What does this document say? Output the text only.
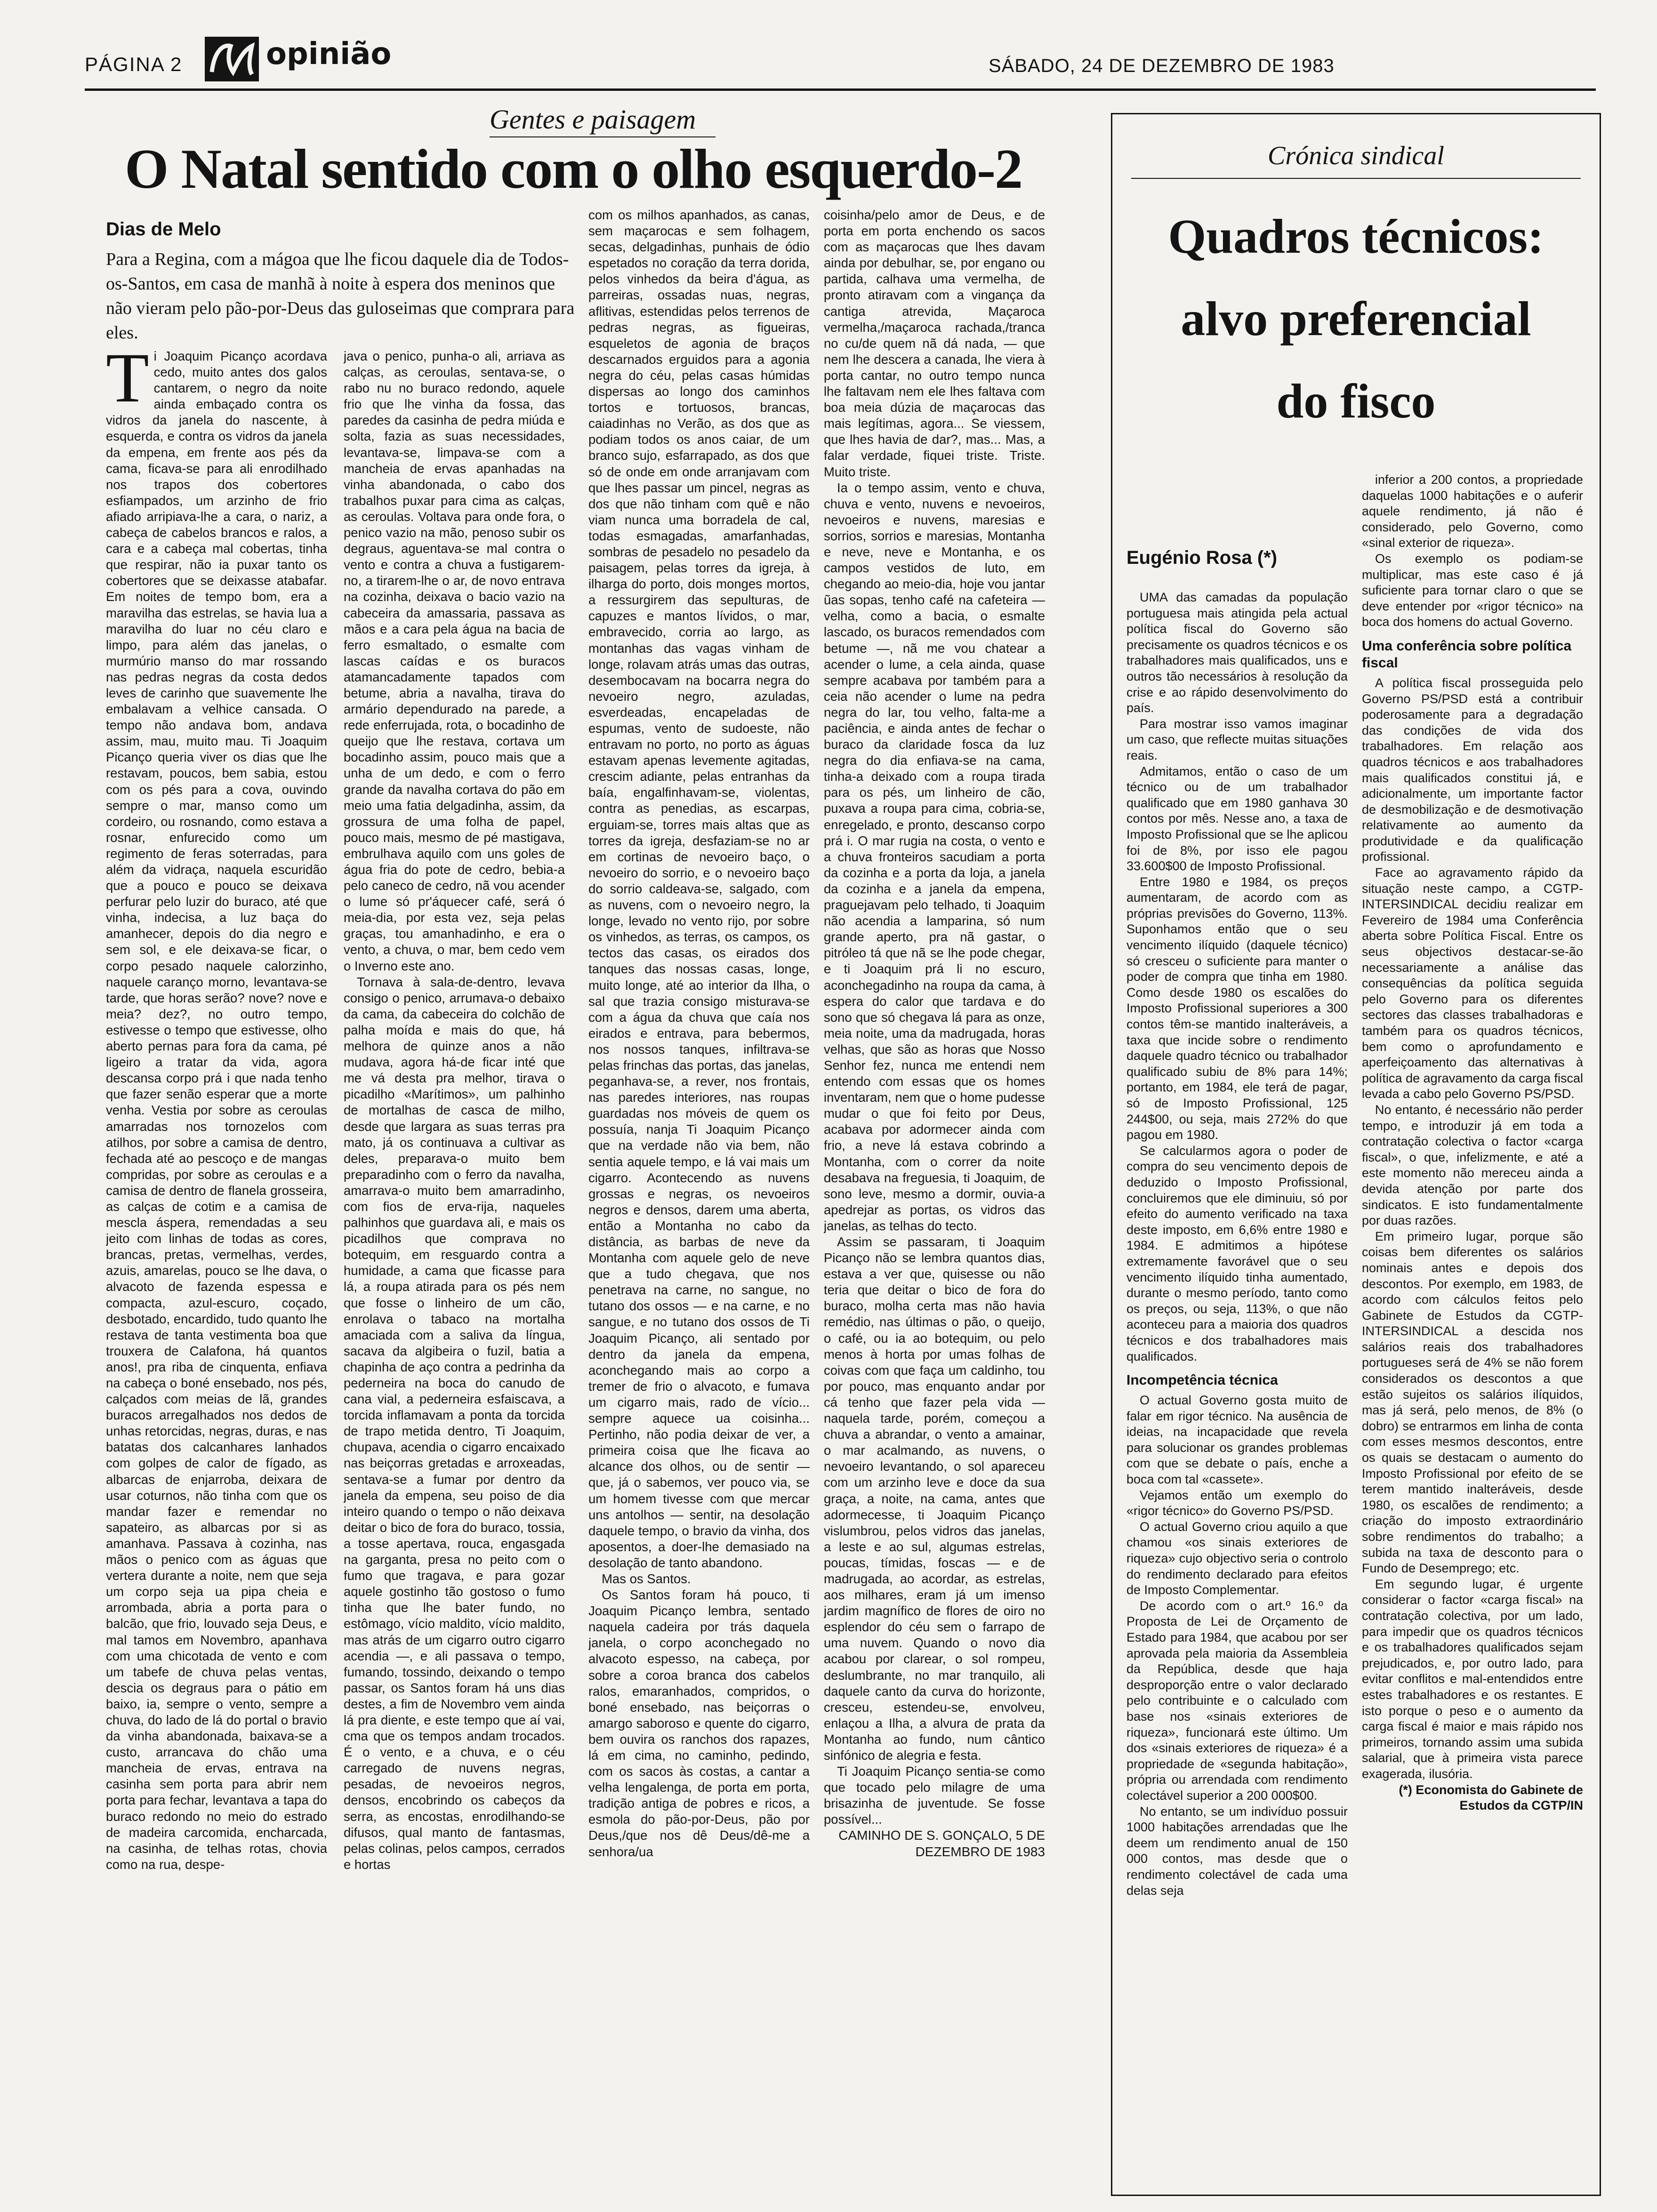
PÁGINA 2	opinião	SÁBADO, 24 DE DEZEMBRO DE 1983
Gentes e paisagem
O Natal sentido com o olho esquerdo-2
Dias de Melo
Para a Regina, com a mágoa que lhe ficou daquele dia de Todos-os-Santos, em casa de manhã à noite à espera dos meninos que não vieram pelo pão-por-Deus das guloseimas que comprara para eles.

Ti Joaquim Picanço acordava cedo, muito antes dos galos cantarem, o negro da noite ainda embaçado contra os vidros da janela do nascente, à esquerda, e contra os vidros da janela da empena, em frente aos pés da cama, ficava-se para ali enrodilhado nos trapos dos cobertores esfiampados, um arzinho de frio afiado arripiava-lhe a cara, o nariz, a cabeça de cabelos brancos e ralos, a cara e a cabeça mal cobertas, tinha que respirar, não ia puxar tanto os cobertores que se deixasse atabafar. Em noites de tempo bom, era a maravilha das estrelas, se havia lua a maravilha do luar no céu claro e limpo, para além das janelas, o murmúrio manso do mar rossando nas pedras negras da costa dedos leves de carinho que suavemente lhe embalavam a velhice cansada. O tempo não andava bom, andava assim, mau, muito mau. Ti Joaquim Picanço queria viver os dias que lhe restavam, poucos, bem sabia, estou com os pés para a cova, ouvindo sempre o mar, manso como um cordeiro, ou rosnando, como estava a rosnar, enfurecido como um regimento de feras soterradas, para além da vidraça, naquela escuridão que a pouco e pouco se deixava perfurar pelo luzir do buraco, até que vinha, indecisa, a luz baça do amanhecer, depois do dia negro e sem sol, e ele deixava-se ficar, o corpo pesado naquele calorzinho, naquele caranço morno, levantava-se tarde, que horas serão? nove? nove e meia? dez?, no outro tempo, estivesse o tempo que estivesse, olho aberto pernas para fora da cama, pé ligeiro a tratar da vida, agora descansa corpo prá i que nada tenho que fazer senão esperar que a morte venha. Vestia por sobre as ceroulas amarradas nos tornozelos com atilhos, por sobre a camisa de dentro, fechada até ao pescoço e de mangas compridas, por sobre as ceroulas e a camisa de dentro de flanela grosseira, as calças de cotim e a camisa de mescla áspera, remendadas a seu jeito com linhas de todas as cores, brancas, pretas, vermelhas, verdes, azuis, amarelas, pouco se lhe dava, o alvacoto de fazenda espessa e compacta, azul-escuro, coçado, desbotado, encardido, tudo quanto lhe restava de tanta vestimenta boa que trouxera de Calafona, há quantos anos!, pra riba de cinquenta, enfiava na cabeça o boné ensebado, nos pés, calçados com meias de lã, grandes buracos arregalhados nos dedos de unhas retorcidas, negras, duras, e nas batatas dos calcanhares lanhados com golpes de calor de fígado, as albarcas de enjarroba, deixara de usar coturnos, não tinha com que os mandar fazer e remendar no sapateiro, as albarcas por si as amanhava. Passava à cozinha, nas mãos o penico com as águas que vertera durante a noite, nem que seja um corpo seja ua pipa cheia e arrombada, abria a porta para o balcão, que frio, louvado seja Deus, e mal tamos em Novembro, apanhava com uma chicotada de vento e com um tabefe de chuva pelas ventas, descia os degraus para o pátio em baixo, ia, sempre o vento, sempre a chuva, do lado de lá do portal o bravio da vinha abandonada, baixava-se a custo, arrancava do chão uma mancheia de ervas, entrava na casinha sem porta para abrir nem porta para fechar, levantava a tapa do buraco redondo no meio do estrado de madeira carcomida, encharcada, na casinha, de telhas rotas, chovia como na rua, despe-

java o penico, punha-o ali, arriava as calças, as ceroulas, sentava-se, o rabo nu no buraco redondo, aquele frio que lhe vinha da fossa, das paredes da casinha de pedra miúda e solta, fazia as suas necessidades, levantava-se, limpava-se com a mancheia de ervas apanhadas na vinha abandonada, o cabo dos trabalhos puxar para cima as calças, as ceroulas. Voltava para onde fora, o penico vazio na mão, penoso subir os degraus, aguentava-se mal contra o vento e contra a chuva a fustigarem-no, a tirarem-lhe o ar, de novo entrava na cozinha, deixava o bacio vazio na cabeceira da amassaria, passava as mãos e a cara pela água na bacia de ferro esmaltado, o esmalte com lascas caídas e os buracos atamancadamente tapados com betume, abria a navalha, tirava do armário dependurado na parede, a rede enferrujada, rota, o bocadinho de queijo que lhe restava, cortava um bocadinho assim, pouco mais que a unha de um dedo, e com o ferro grande da navalha cortava do pão em meio uma fatia delgadinha, assim, da grossura de uma folha de papel, pouco mais, mesmo de pé mastigava, embrulhava aquilo com uns goles de água fria do pote de cedro, bebia-a pelo caneco de cedro, nã vou acender o lume só pr'áquecer café, será ó meia-dia, por esta vez, seja pelas graças, tou amanhadinho, e era o vento, a chuva, o mar, bem cedo vem o Inverno este ano.

Tornava à sala-de-dentro, levava consigo o penico, arrumava-o debaixo da cama, da cabeceira do colchão de palha moída e mais do que, há melhora de quinze anos a não mudava, agora há-de ficar inté que me vá desta pra melhor, tirava o picadilho «Marítimos», um palhinho de mortalhas de casca de milho, desde que largara as suas terras pra mato, já os continuava a cultivar as deles, preparava-o muito bem preparadinho com o ferro da navalha, amarrava-o muito bem amarradinho, com fios de erva-rija, naqueles palhinhos que guardava ali, e mais os picadilhos que comprava no botequim, em resguardo contra a humidade, a cama que ficasse para lá, a roupa atirada para os pés nem que fosse o linheiro de um cão, enrolava o tabaco na mortalha amaciada com a saliva da língua, sacava da algibeira o fuzil, batia a chapinha de aço contra a pedrinha da pederneira na boca do canudo de cana vial, a pederneira esfaiscava, a torcida inflamavam a ponta da torcida de trapo metida dentro, Ti Joaquim, chupava, acendia o cigarro encaixado nas beiçorras gretadas e arroxeadas, sentava-se a fumar por dentro da janela da empena, seu poiso de dia inteiro quando o tempo o não deixava deitar o bico de fora do buraco, tossia, a tosse apertava, rouca, engasgada na garganta, presa no peito com o fumo que tragava, e para gozar aquele gostinho tão gostoso o fumo tinha que lhe bater fundo, no estômago, vício maldito, vício maldito, mas atrás de um cigarro outro cigarro acendia —, e ali passava o tempo, fumando, tossindo, deixando o tempo passar, os Santos foram há uns dias destes, a fim de Novembro vem ainda lá pra diente, e este tempo que aí vai, cma que os tempos andam trocados. É o vento, e a chuva, e o céu carregado de nuvens negras, pesadas, de nevoeiros negros, densos, encobrindo os cabeços da serra, as encostas, enrodilhando-se difusos, qual manto de fantasmas, pelas colinas, pelos campos, cerrados e hortas

com os milhos apanhados, as canas, sem maçarocas e sem folhagem, secas, delgadinhas, punhais de ódio espetados no coração da terra dorida, pelos vinhedos da beira d'água, as parreiras, ossadas nuas, negras, aflitivas, estendidas pelos terrenos de pedras negras, as figueiras, esqueletos de agonia de braços descarnados erguidos para a agonia negra do céu, pelas casas húmidas dispersas ao longo dos caminhos tortos e tortuosos, brancas, caiadinhas no Verão, as dos que as podiam todos os anos caiar, de um branco sujo, esfarrapado, as dos que só de onde em onde arranjavam com que lhes passar um pincel, negras as dos que não tinham com quê e não viam nunca uma borradela de cal, todas esmagadas, amarfanhadas, sombras de pesadelo no pesadelo da paisagem, pelas torres da igreja, à ilharga do porto, dois monges mortos, a ressurgirem das sepulturas, de capuzes e mantos lívidos, o mar, embravecido, corria ao largo, as montanhas das vagas vinham de longe, rolavam atrás umas das outras, desembocavam na bocarra negra do nevoeiro negro, azuladas, esverdeadas, encapeladas de espumas, vento de sudoeste, não entravam no porto, no porto as águas estavam apenas levemente agitadas, crescim adiante, pelas entranhas da baía, engalfinhavam-se, violentas, contra as penedias, as escarpas, erguiam-se, torres mais altas que as torres da igreja, desfaziam-se no ar em cortinas de nevoeiro baço, o nevoeiro do sorrio, e o nevoeiro baço do sorrio caldeava-se, salgado, com as nuvens, com o nevoeiro negro, la longe, levado no vento rijo, por sobre os vinhedos, as terras, os campos, os tectos das casas, os eirados dos tanques das nossas casas, longe, muito longe, até ao interior da Ilha, o sal que trazia consigo misturava-se com a água da chuva que caía nos eirados e entrava, para bebermos, nos nossos tanques, infiltrava-se pelas frinchas das portas, das janelas, peganhava-se, a rever, nos frontais, nas paredes interiores, nas roupas guardadas nos móveis de quem os possuía, nanja Ti Joaquim Picanço que na verdade não via bem, não sentia aquele tempo, e lá vai mais um cigarro. Acontecendo as nuvens grossas e negras, os nevoeiros negros e densos, darem uma aberta, então a Montanha no cabo da distância, as barbas de neve da Montanha com aquele gelo de neve que a tudo chegava, que nos penetrava na carne, no sangue, no tutano dos ossos — e na carne, e no sangue, e no tutano dos ossos de Ti Joaquim Picanço, ali sentado por dentro da janela da empena, aconchegando mais ao corpo a tremer de frio o alvacoto, e fumava um cigarro mais, rado de vício... sempre aquece ua coisinha... Pertinho, não podia deixar de ver, a primeira coisa que lhe ficava ao alcance dos olhos, ou de sentir — que, já o sabemos, ver pouco via, se um homem tivesse com que mercar uns antolhos — sentir, na desolação daquele tempo, o bravio da vinha, dos aposentos, a doer-lhe demasiado na desolação de tanto abandono.

Mas os Santos.

Os Santos foram há pouco, ti Joaquim Picanço lembra, sentado naquela cadeira por trás daquela janela, o corpo aconchegado no alvacoto espesso, na cabeça, por sobre a coroa branca dos cabelos ralos, emaranhados, compridos, o boné ensebado, nas beiçorras o amargo saboroso e quente do cigarro, bem ouvira os ranchos dos rapazes, lá em cima, no caminho, pedindo, com os sacos às costas, a cantar a velha lengalenga, de porta em porta, tradição antiga de pobres e ricos, a esmola do pão-por-Deus, pão por Deus,/que nos dê Deus/dê-me a senhora/ua

coisinha/pelo amor de Deus, e de porta em porta enchendo os sacos com as maçarocas que lhes davam ainda por debulhar, se, por engano ou partida, calhava uma vermelha, de pronto atiravam com a vingança da cantiga atrevida, Maçaroca vermelha,/maçaroca rachada,/tranca no cu/de quem nã dá nada, — que nem lhe descera a canada, lhe viera à porta cantar, no outro tempo nunca lhe faltavam nem ele lhes faltava com boa meia dúzia de maçarocas das mais legítimas, agora... Se viessem, que lhes havia de dar?, mas... Mas, a falar verdade, fiquei triste. Triste. Muito triste.

Ia o tempo assim, vento e chuva, chuva e vento, nuvens e nevoeiros, nevoeiros e nuvens, maresias e sorrios, sorrios e maresias, Montanha e neve, neve e Montanha, e os campos vestidos de luto, em chegando ao meio-dia, hoje vou jantar ũas sopas, tenho café na cafeteira — velha, como a bacia, o esmalte lascado, os buracos remendados com betume —, nã me vou chatear a acender o lume, a cela ainda, quase sempre acabava por também para a ceia não acender o lume na pedra negra do lar, tou velho, falta-me a paciência, e ainda antes de fechar o buraco da claridade fosca da luz negra do dia enfiava-se na cama, tinha-a deixado com a roupa tirada para os pés, um linheiro de cão, puxava a roupa para cima, cobria-se, enregelado, e pronto, descanso corpo prá i. O mar rugia na costa, o vento e a chuva fronteiros sacudiam a porta da cozinha e a porta da loja, a janela da cozinha e a janela da empena, praguejavam pelo telhado, ti Joaquim não acendia a lamparina, só num grande aperto, pra nã gastar, o pitróleo tá que nã se lhe pode chegar, e ti Joaquim prá li no escuro, aconchegadinho na roupa da cama, à espera do calor que tardava e do sono que só chegava lá para as onze, meia noite, uma da madrugada, horas velhas, que são as horas que Nosso Senhor fez, nunca me entendi nem entendo com essas que os homes inventaram, nem que o home pudesse mudar o que foi feito por Deus, acabava por adormecer ainda com frio, a neve lá estava cobrindo a Montanha, com o correr da noite desabava na freguesia, ti Joaquim, de sono leve, mesmo a dormir, ouvia-a apedrejar as portas, os vidros das janelas, as telhas do tecto.

Assim se passaram, ti Joaquim Picanço não se lembra quantos dias, estava a ver que, quisesse ou não teria que deitar o bico de fora do buraco, molha certa mas não havia remédio, nas últimas o pão, o queijo, o café, ou ia ao botequim, ou pelo menos à horta por umas folhas de coivas com que faça um caldinho, tou por pouco, mas enquanto andar por cá tenho que fazer pela vida — naquela tarde, porém, começou a chuva a abrandar, o vento a amainar, o mar acalmando, as nuvens, o nevoeiro levantando, o sol apareceu com um arzinho leve e doce da sua graça, a noite, na cama, antes que adormecesse, ti Joaquim Picanço vislumbrou, pelos vidros das janelas, a leste e ao sul, algumas estrelas, poucas, tímidas, foscas — e de madrugada, ao acordar, as estrelas, aos milhares, eram já um imenso jardim magnífico de flores de oiro no esplendor do céu sem o farrapo de uma nuvem. Quando o novo dia acabou por clarear, o sol rompeu, deslumbrante, no mar tranquilo, ali daquele canto da curva do horizonte, cresceu, estendeu-se, envolveu, enlaçou a Ilha, a alvura de prata da Montanha ao fundo, num cântico sinfónico de alegria e festa.

Ti Joaquim Picanço sentia-se como que tocado pelo milagre de uma brisazinha de juventude. Se fosse possível...

CAMINHO DE S. GONÇALO, 5 DE DEZEMBRO DE 1983

Crónica sindical
Quadros técnicos:
alvo preferencial
do fisco
Eugénio Rosa (*)

UMA das camadas da população portuguesa mais atingida pela actual política fiscal do Governo são precisamente os quadros técnicos e os trabalhadores mais qualificados, uns e outros tão necessários à resolução da crise e ao rápido desenvolvimento do país.

Para mostrar isso vamos imaginar um caso, que reflecte muitas situações reais.

Admitamos, então o caso de um técnico ou de um trabalhador qualificado que em 1980 ganhava 30 contos por mês. Nesse ano, a taxa de Imposto Profissional que se lhe aplicou foi de 8%, por isso ele pagou 33.600$00 de Imposto Profissional.

Entre 1980 e 1984, os preços aumentaram, de acordo com as próprias previsões do Governo, 113%. Suponhamos então que o seu vencimento ilíquido (daquele técnico) só cresceu o suficiente para manter o poder de compra que tinha em 1980. Como desde 1980 os escalões do Imposto Profissional superiores a 300 contos têm-se mantido inalteráveis, a taxa que incide sobre o rendimento daquele quadro técnico ou trabalhador qualificado subiu de 8% para 14%; portanto, em 1984, ele terá de pagar, só de Imposto Profissional, 125 244$00, ou seja, mais 272% do que pagou em 1980.

Se calcularmos agora o poder de compra do seu vencimento depois de deduzido o Imposto Profissional, concluiremos que ele diminuiu, só por efeito do aumento verificado na taxa deste imposto, em 6,6% entre 1980 e 1984. E admitimos a hipótese extremamente favorável que o seu vencimento ilíquido tinha aumentado, durante o mesmo período, tanto como os preços, ou seja, 113%, o que não aconteceu para a maioria dos quadros técnicos e dos trabalhadores mais qualificados.

Incompetência técnica

O actual Governo gosta muito de falar em rigor técnico. Na ausência de ideias, na incapacidade que revela para solucionar os grandes problemas com que se debate o país, enche a boca com tal «cassete».

Vejamos então um exemplo do «rigor técnico» do Governo PS/PSD.

O actual Governo criou aquilo a que chamou «os sinais exteriores de riqueza» cujo objectivo seria o controlo do rendimento declarado para efeitos de Imposto Complementar.

De acordo com o art.º 16.º da Proposta de Lei de Orçamento de Estado para 1984, que acabou por ser aprovada pela maioria da Assembleia da República, desde que haja desproporção entre o valor declarado pelo contribuinte e o calculado com base nos «sinais exteriores de riqueza», funcionará este último. Um dos «sinais exteriores de riqueza» é a propriedade de «segunda habitação», própria ou arrendada com rendimento colectável superior a 200 000$00.

No entanto, se um indivíduo possuir 1000 habitações arrendadas que lhe deem um rendimento anual de 150 000 contos, mas desde que o rendimento colectável de cada uma delas seja

inferior a 200 contos, a propriedade daquelas 1000 habitações e o auferir aquele rendimento, já não é considerado, pelo Governo, como «sinal exterior de riqueza».

Os exemplo os podiam-se multiplicar, mas este caso é já suficiente para tornar claro o que se deve entender por «rigor técnico» na boca dos homens do actual Governo.

Uma conferência sobre política fiscal

A política fiscal prosseguida pelo Governo PS/PSD está a contribuir poderosamente para a degradação das condições de vida dos trabalhadores. Em relação aos quadros técnicos e aos trabalhadores mais qualificados constitui já, e adicionalmente, um importante factor de desmobilização e de desmotivação relativamente ao aumento da produtividade e da qualificação profissional.

Face ao agravamento rápido da situação neste campo, a CGTP-INTERSINDICAL decidiu realizar em Fevereiro de 1984 uma Conferência aberta sobre Política Fiscal. Entre os seus objectivos destacar-se-ão necessariamente a análise das consequências da política seguida pelo Governo para os diferentes sectores das classes trabalhadoras e também para os quadros técnicos, bem como o aprofundamento e aperfeiçoamento das alternativas à política de agravamento da carga fiscal levada a cabo pelo Governo PS/PSD.

No entanto, é necessário não perder tempo, e introduzir já em toda a contratação colectiva o factor «carga fiscal», o que, infelizmente, e até a este momento não mereceu ainda a devida atenção por parte dos sindicatos. E isto fundamentalmente por duas razões.

Em primeiro lugar, porque são coisas bem diferentes os salários nominais antes e depois dos descontos. Por exemplo, em 1983, de acordo com cálculos feitos pelo Gabinete de Estudos da CGTP-INTERSINDICAL a descida nos salários reais dos trabalhadores portugueses será de 4% se não forem considerados os descontos a que estão sujeitos os salários ilíquidos, mas já será, pelo menos, de 8% (o dobro) se entrarmos em linha de conta com esses mesmos descontos, entre os quais se destacam o aumento do Imposto Profissional por efeito de se terem mantido inalteráveis, desde 1980, os escalões de rendimento; a criação do imposto extraordinário sobre rendimentos do trabalho; a subida na taxa de desconto para o Fundo de Desemprego; etc.

Em segundo lugar, é urgente considerar o factor «carga fiscal» na contratação colectiva, por um lado, para impedir que os quadros técnicos e os trabalhadores qualificados sejam prejudicados, e, por outro lado, para evitar conflitos e mal-entendidos entre estes trabalhadores e os restantes. E isto porque o peso e o aumento da carga fiscal é maior e mais rápido nos primeiros, tornando assim uma subida salarial, que à primeira vista parece exagerada, ilusória.

(*) Economista do Gabinete de Estudos da CGTP/IN
